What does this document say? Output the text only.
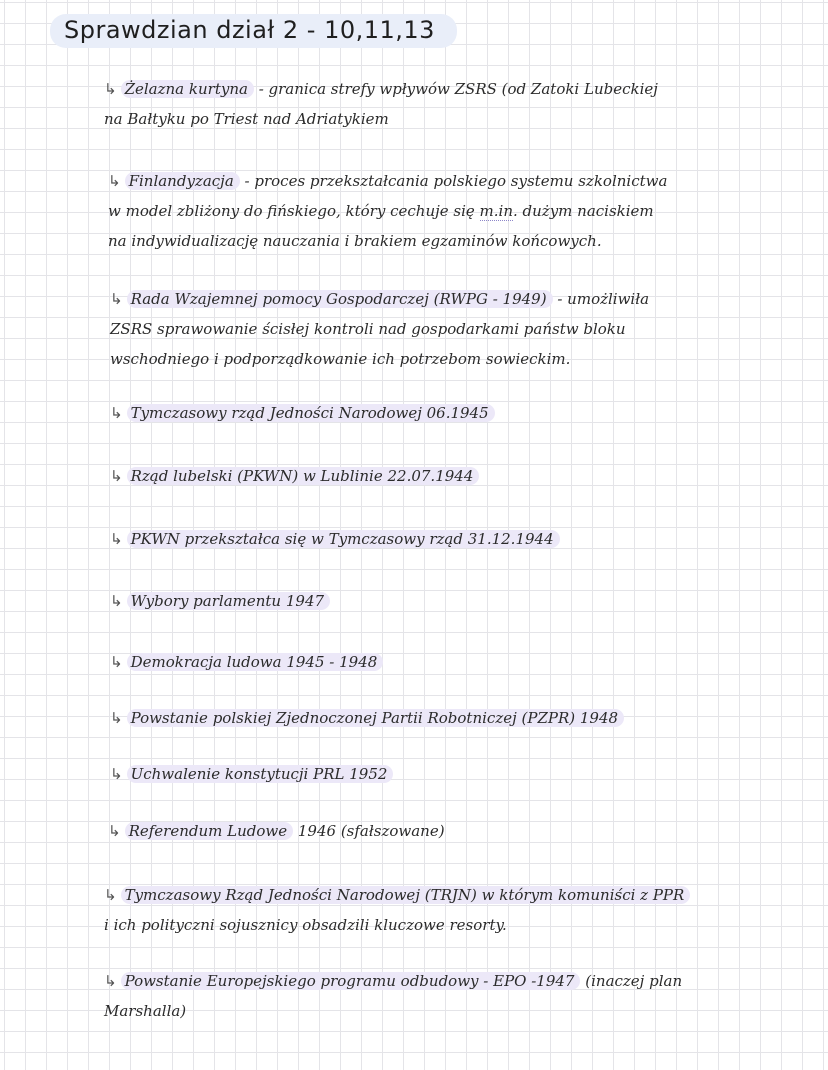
Sprawdzian dział 2 - 10,11,13
↳ Żelazna kurtyna - granica strefy wpływów ZSRS (od Zatoki Lubeckiej
na Bałtyku po Triest nad Adriatykiem
↳ Finlandyzacja - proces przekształcania polskiego systemu szkolnictwa
w model zbliżony do fińskiego, który cechuje się m.in. dużym naciskiem
na indywidualizację nauczania i brakiem egzaminów końcowych.
↳ Rada Wzajemnej pomocy Gospodarczej (RWPG - 1949) - umożliwiła
ZSRS sprawowanie ścisłej kontroli nad gospodarkami państw bloku
wschodniego i podporządkowanie ich potrzebom sowieckim.
↳ Tymczasowy rząd Jedności Narodowej 06.1945
↳ Rząd lubelski (PKWN) w Lublinie 22.07.1944
↳ PKWN przekształca się w Tymczasowy rząd 31.12.1944
↳ Wybory parlamentu 1947
↳ Demokracja ludowa 1945 - 1948
↳ Powstanie polskiej Zjednoczonej Partii Robotniczej (PZPR) 1948
↳ Uchwalenie konstytucji PRL 1952
↳ Referendum Ludowe 1946 (sfałszowane)
↳ Tymczasowy Rząd Jedności Narodowej (TRJN) w którym komuniści z PPR
i ich polityczni sojusznicy obsadzili kluczowe resorty.
↳ Powstanie Europejskiego programu odbudowy - EPO -1947 (inaczej plan
Marshalla)
